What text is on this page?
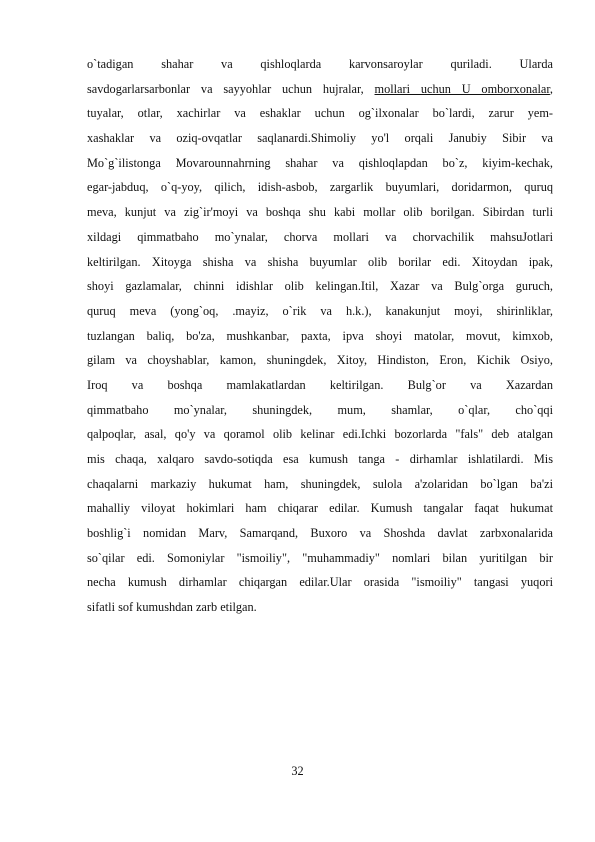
o`tadigan shahar va qishloqlarda karvonsaroylar quriladi. Ularda
savdogarlarsarbonlar va sayyohlar uchun hujralar, mollari uchun U omborxonalar,
tuyalar, otlar, xachirlar va eshaklar uchun og`ilxonalar bo`lardi, zarur yem-
xashaklar va oziq-ovqatlar saqlanardi.Shimoliy yo'l orqali Janubiy Sibir va
Mo`g`ilistonga Movarounnahrning shahar va qishloqlapdan bo`z, kiyim-kechak,
egar-jabduq, o`q-yoy, qilich, idish-asbob, zargarlik buyumlari, doridarmon, quruq
meva, kunjut va zig`ir'moyi va boshqa shu kabi mollar olib borilgan. Sibirdan turli
xildagi qimmatbaho mo`ynalar, chorva mollari va chorvachilik mahsuJotlari
keltirilgan. Xitoyga shisha va shisha buyumlar olib borilar edi. Xitoydan ipak,
shoyi gazlamalar, chinni idishlar olib kelingan.Itil, Xazar va Bulg`orga guruch,
quruq meva (yong`oq, .mayiz, o`rik va h.k.), kanakunjut moyi, shirinliklar,
tuzlangan baliq, bo'za, mushkanbar, paxta, ipva shoyi matolar, movut, kimxob,
gilam va choyshablar, kamon, shuningdek, Xitoy, Hindiston, Eron, Kichik Osiyo,
Iroq va boshqa mamlakatlardan keltirilgan. Bulg`or va Xazardan
qimmatbaho mo`ynalar, shuningdek, mum, shamlar, o`qlar, cho`qqi
qalpoqlar, asal, qo'y va qoramol olib kelinar edi.Ichki bozorlarda "fals" deb atalgan
mis chaqa, xalqaro savdo-sotiqda esa kumush tanga - dirhamlar ishlatilardi. Mis
chaqalarni markaziy hukumat ham, shuningdek, sulola a'zolaridan bo`lgan ba'zi
mahalliy viloyat hokimlari ham chiqarar edilar. Kumush tangalar faqat hukumat
boshlig`i nomidan Marv, Samarqand, Buxoro va Shoshda davlat zarbxonalarida
so`qilar edi. Somoniylar "ismoiliy", "muhammadiy" nomlari bilan yuritilgan bir
necha kumush dirhamlar chiqargan edilar.Ular orasida "ismoiliy" tangasi yuqori
sifatli sof kumushdan zarb etilgan.
32
